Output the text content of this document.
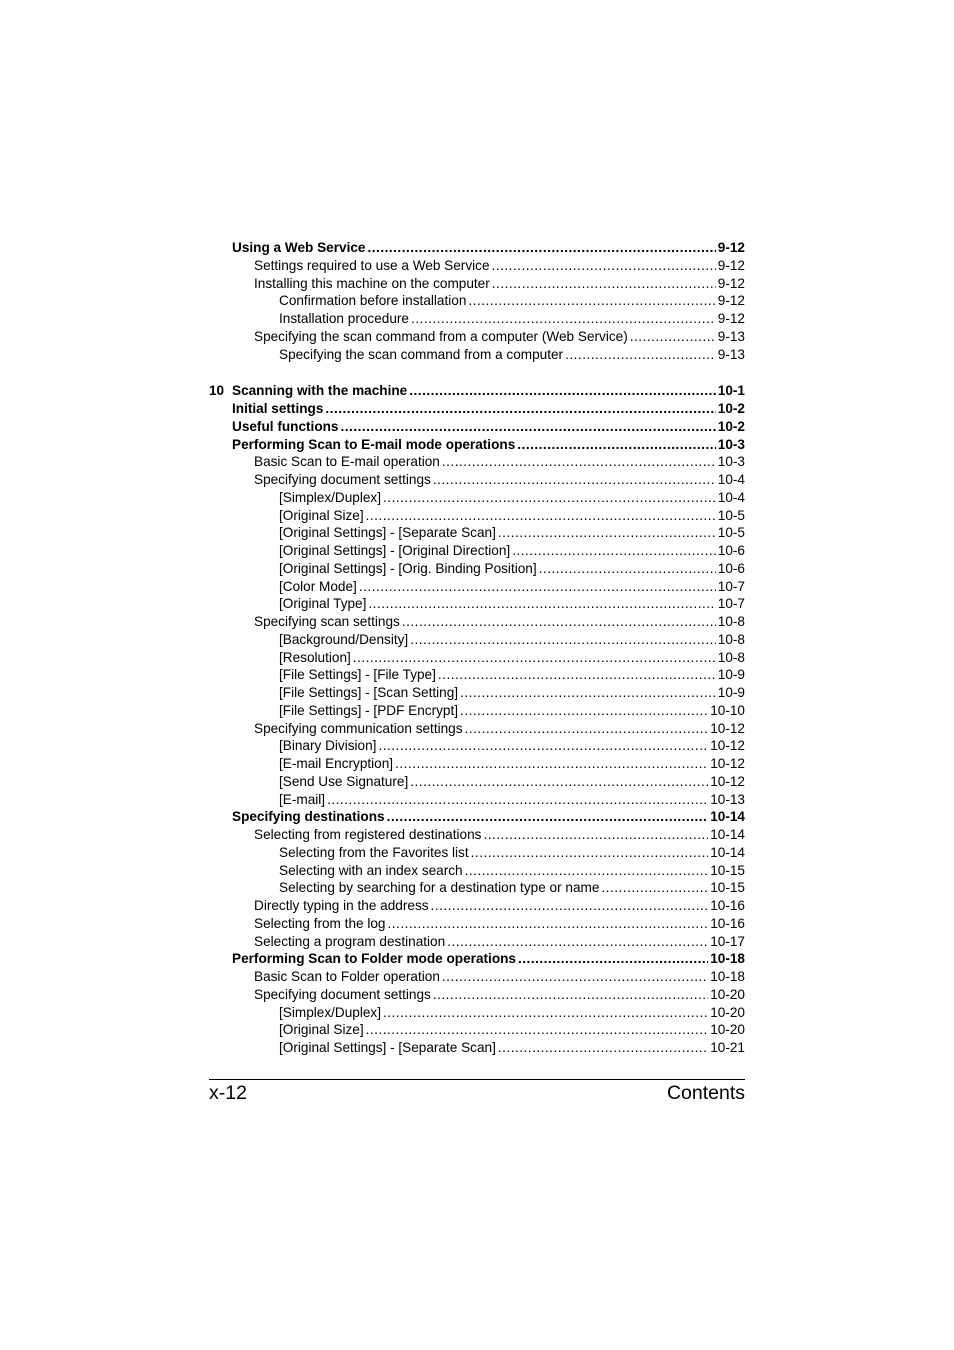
Using a Web Service .....	9-12
Settings required to use a Web Service .....	9-12
Installing this machine on the computer .....	9-12
Confirmation before installation .....	9-12
Installation procedure .....	9-12
Specifying the scan command from a computer (Web Service) .....	9-13
Specifying the scan command from a computer .....	9-13
10 Scanning with the machine .....	10-1
Initial settings .....	10-2
Useful functions .....	10-2
Performing Scan to E-mail mode operations .....	10-3
Basic Scan to E-mail operation .....	10-3
Specifying document settings .....	10-4
[Simplex/Duplex] .....	10-4
[Original Size] .....	10-5
[Original Settings] - [Separate Scan] .....	10-5
[Original Settings] - [Original Direction] .....	10-6
[Original Settings] - [Orig. Binding Position] .....	10-6
[Color Mode] .....	10-7
[Original Type] .....	10-7
Specifying scan settings .....	10-8
[Background/Density] .....	10-8
[Resolution] .....	10-8
[File Settings] - [File Type] .....	10-9
[File Settings] - [Scan Setting] .....	10-9
[File Settings] - [PDF Encrypt] .....	10-10
Specifying communication settings .....	10-12
[Binary Division] .....	10-12
[E-mail Encryption] .....	10-12
[Send Use Signature] .....	10-12
[E-mail] .....	10-13
Specifying destinations .....	10-14
Selecting from registered destinations .....	10-14
Selecting from the Favorites list .....	10-14
Selecting with an index search .....	10-15
Selecting by searching for a destination type or name .....	10-15
Directly typing in the address .....	10-16
Selecting from the log .....	10-16
Selecting a program destination .....	10-17
Performing Scan to Folder mode operations .....	10-18
Basic Scan to Folder operation .....	10-18
Specifying document settings .....	10-20
[Simplex/Duplex] .....	10-20
[Original Size] .....	10-20
[Original Settings] - [Separate Scan] .....	10-21
x-12	Contents
